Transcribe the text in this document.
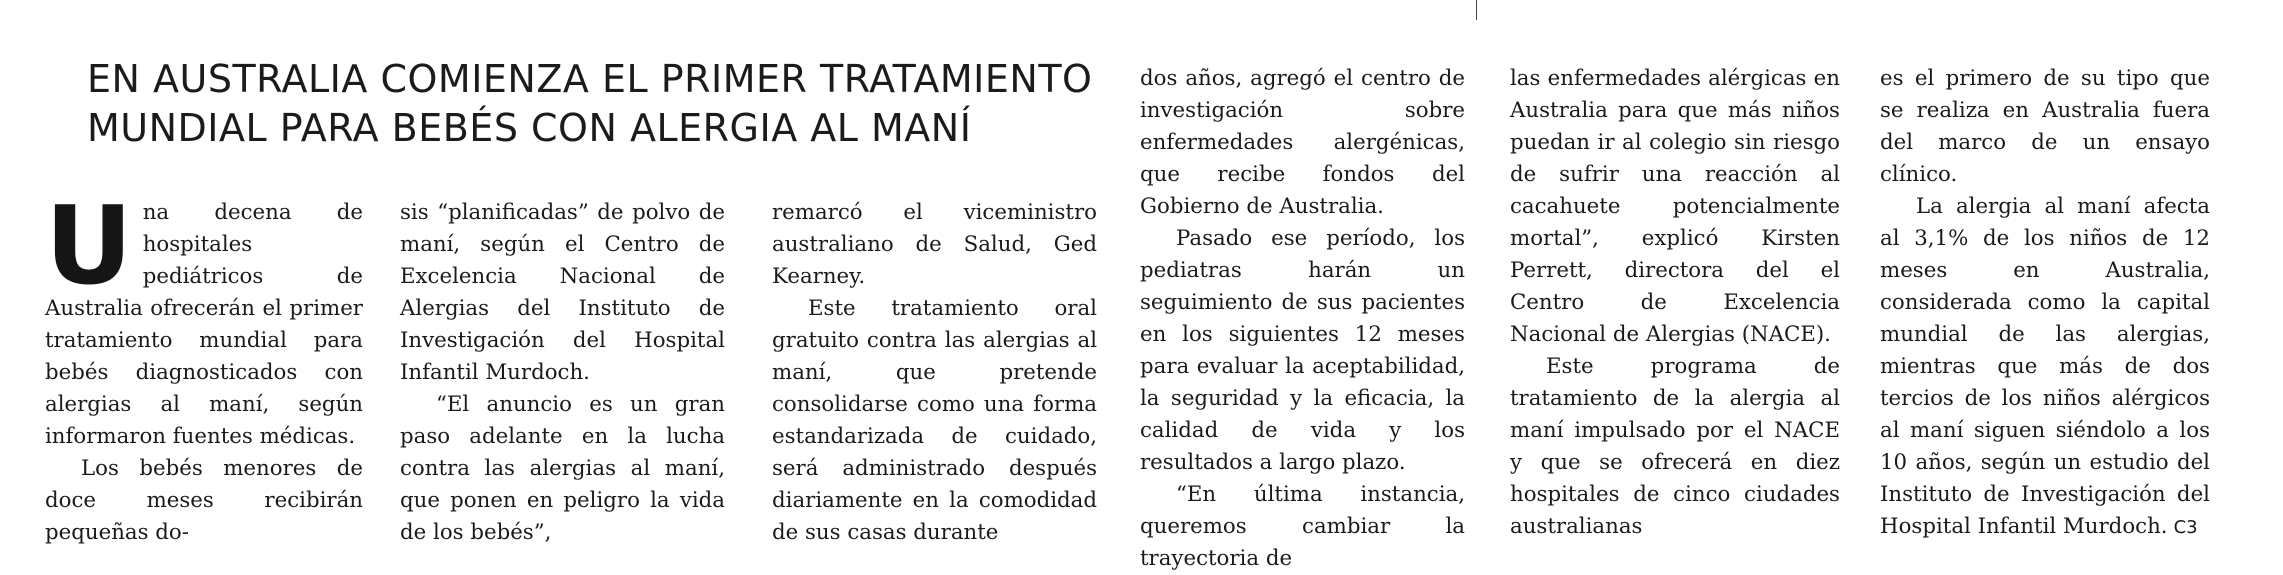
EN AUSTRALIA COMIENZA EL PRIMER TRATAMIENTO MUNDIAL PARA BEBÉS CON ALERGIA AL MANÍ

Una decena de hospitales pediátricos de Australia ofrecerán el primer tratamiento mundial para bebés diagnosticados con alergias al maní, según informaron fuentes médicas.

Los bebés menores de doce meses recibirán pequeñas do-

sis “planificadas” de polvo de maní, según el Centro de Excelencia Nacional de Alergias del Instituto de Investigación del Hospital Infantil Murdoch.

“El anuncio es un gran paso adelante en la lucha contra las alergias al maní, que ponen en peligro la vida de los bebés”,

remarcó el viceministro australiano de Salud, Ged Kearney.

Este tratamiento oral gratuito contra las alergias al maní, que pretende consolidarse como una forma estandarizada de cuidado, será administrado después diariamente en la comodidad de sus casas durante

dos años, agregó el centro de investigación sobre enfermedades alergénicas, que recibe fondos del Gobierno de Australia.

Pasado ese período, los pediatras harán un seguimiento de sus pacientes en los siguientes 12 meses para evaluar la aceptabilidad, la seguridad y la eficacia, la calidad de vida y los resultados a largo plazo.

“En última instancia, queremos cambiar la trayectoria de

las enfermedades alérgicas en Australia para que más niños puedan ir al colegio sin riesgo de sufrir una reacción al cacahuete potencialmente mortal”, explicó Kirsten Perrett, directora del el Centro de Excelencia Nacional de Alergias (NACE).

Este programa de tratamiento de la alergia al maní impulsado por el NACE y que se ofrecerá en diez hospitales de cinco ciudades australianas

es el primero de su tipo que se realiza en Australia fuera del marco de un ensayo clínico.

La alergia al maní afecta al 3,1% de los niños de 12 meses en Australia, considerada como la capital mundial de las alergias, mientras que más de dos tercios de los niños alérgicos al maní siguen siéndolo a los 10 años, según un estudio del Instituto de Investigación del Hospital Infantil Murdoch. C3
